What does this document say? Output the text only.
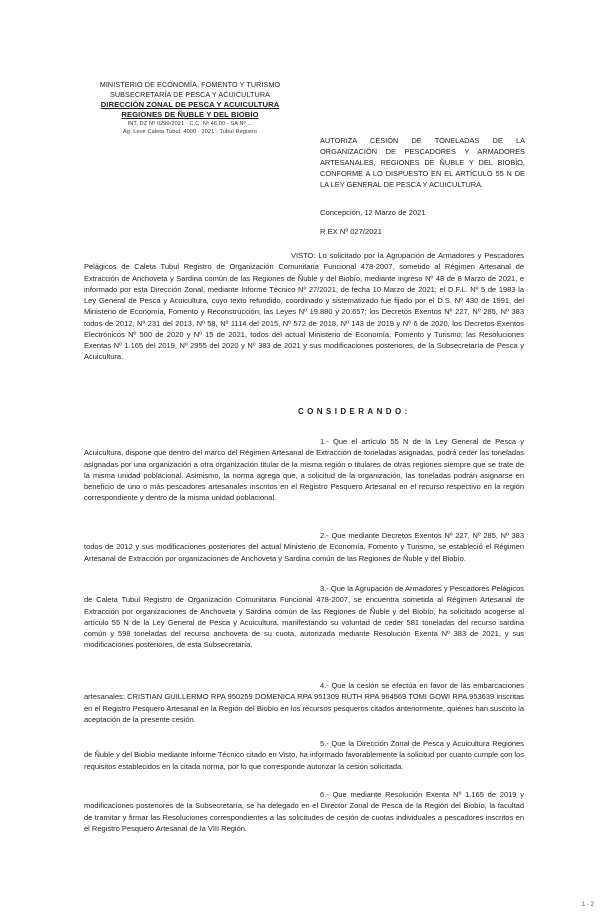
MINISTERIO DE ECONOMÍA, FOMENTO Y TURISMO
SUBSECRETARÍA DE PESCA Y ACUICULTURA
DIRECCIÓN ZONAL DE PESCA Y ACUICULTURA
REGIONES DE ÑUBLE Y DEL BIOBÍO
INT. DZ Nº 0299/2021 · C.C. Nº 46,00 · SA Nº ...
Ag. Leve Caleta Tubul. 4000 · 2021 · Tubul Registro
AUTORIZA CESIÓN DE TONELADAS DE LA ORGANIZACIÓN DE PESCADORES Y ARMADORES ARTESANALES, REGIONES DE ÑUBLE Y DEL BIOBÍO, CONFORME A LO DISPUESTO EN EL ARTÍCULO 55 N DE LA LEY GENERAL DE PESCA Y ACUICULTURA.
Concepción, 12 Marzo de 2021
R EX Nº 027/2021
VISTO: Lo solicitado por la Agrupación de Armadores y Pescadores Pelágicos de Caleta Tubul Registro de Organización Comunitaria Funcional 478-2007, sometido al Régimen Artesanal de Extracción de Anchoveta y Sardina común de las Regiones de Ñuble y del Biobío, mediante ingreso Nº 48 de 8 Marzo de 2021, e informado por esta Dirección Zonal, mediante Informe Técnico Nº 27/2021, de fecha 10 Marzo de 2021; el D.F.L. Nº 5 de 1983 la Ley General de Pesca y Acuicultura, cuyo texto refundido, coordinado y sistematizado fue fijado por el D.S. Nº 430 de 1991, del Ministerio de Economía, Fomento y Reconstrucción; las Leyes Nº 19.880 y 20.657; los Decretos Exentos Nº 227, Nº 285, Nº 383 todos de 2012, Nº 231 del 2013, Nº 58, Nº 1114 del 2015, Nº 572 de 2018, Nº 143 de 2019 y Nº 6 de 2020, los Decretos Exentos Electrónicos Nº 500 de 2020 y Nº 15 de 2021, todos del actual Ministerio de Economía, Fomento y Turismo; las Resoluciones Exentas Nº 1.165 del 2019, Nº 2955 del 2020 y Nº 383 de 2021 y sus modificaciones posteriores, de la Subsecretaría de Pesca y Acuicultura.
CONSIDERANDO:
1.- Que el artículo 55 N de la Ley General de Pesca y Acuicultura, dispone que dentro del marco del Régimen Artesanal de Extracción de toneladas asignadas, podrá ceder las toneladas asignadas por una organización a otra organización titular de la misma región o titulares de otras regiones siempre que se trate de la misma unidad poblacional. Asimismo, la norma agrega que, a solicitud de la organización, las toneladas podrán asignarse en beneficio de uno o más pescadores artesanales inscritos en el Registro Pesquero Artesanal en el recurso respectivo en la región correspondiente y dentro de la misma unidad poblacional.
2.- Que mediante Decretos Exentos Nº 227, Nº 285, Nº 383 todos de 2012 y sus modificaciones posteriores del actual Ministerio de Economía, Fomento y Turismo, se estableció el Régimen Artesanal de Extracción por organizaciones de Anchoveta y Sardina común de las Regiones de Ñuble y del Biobío.
3.- Que la Agrupación de Armadores y Pescadores Pelágicos de Caleta Tubul Registro de Organización Comunitaria Funcional 478-2007, se encuentra sometida al Régimen Artesanal de Extracción por organizaciones de Anchoveta y Sardina común de las Regiones de Ñuble y del Biobío, ha solicitado acogerse al artículo 55 N de la Ley General de Pesca y Acuicultura, manifestando su voluntad de ceder 581 toneladas del recurso sardina común y 598 toneladas del recurso anchoveta de su cuota, autorizada mediante Resolución Exenta Nº 383 de 2021, y sus modificaciones posteriores, de esta Subsecretaría.
4.- Que la cesión se efectúa en favor de las embarcaciones artesanales: CRISTIAN GUILLERMO RPA 950259 DOMENICA RPA 951309 RUTH RPA 964569 TOMI GOWI RPA 953639 inscritas en el Registro Pesquero Artesanal en la Región del Biobío en los recursos pesqueros citados anteriormente, quienes han suscrito la aceptación de la presente cesión.
5.- Que la Dirección Zonal de Pesca y Acuicultura Regiones de Ñuble y del Biobío mediante Informe Técnico citado en Visto, ha informado favorablemente la solicitud por cuanto cumple con los requisitos establecidos en la citada norma, por lo que corresponde autorizar la cesión solicitada.
6.- Que mediante Resolución Exenta Nº 1.165 de 2019 y modificaciones posteriores de la Subsecretaría, se ha delegado en el Director Zonal de Pesca de la Región del Biobío, la facultad de tramitar y firmar las Resoluciones correspondientes a las solicitudes de cesión de cuotas individuales a pescadores inscritos en el Registro Pesquero Artesanal de la VIII Región.
1 - 2
